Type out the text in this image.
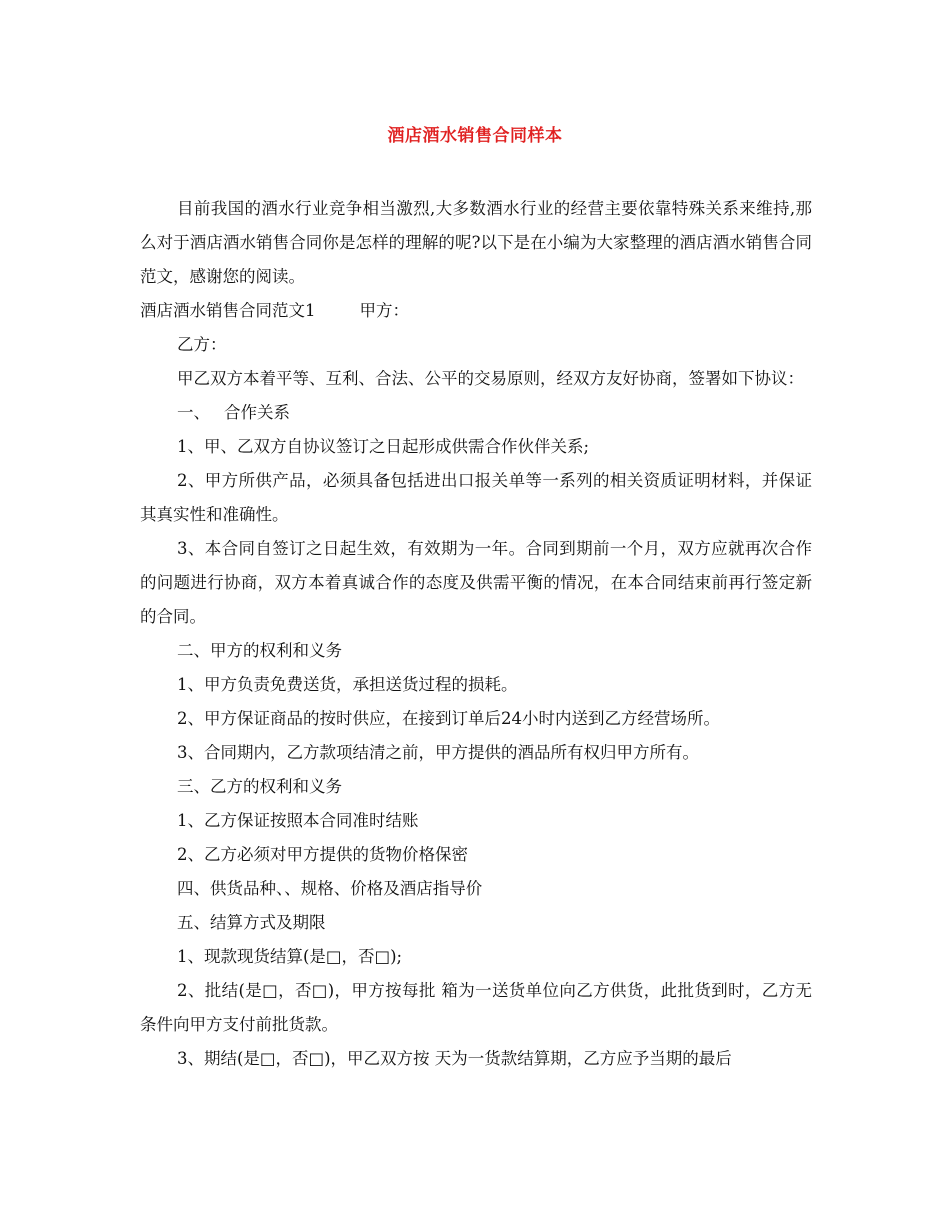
酒店酒水销售合同样本

目前我国的酒水行业竞争相当激烈,大多数酒水行业的经营主要依靠特殊关系来维持,那么对于酒店酒水销售合同你是怎样的理解的呢?以下是在小编为大家整理的酒店酒水销售合同范文，感谢您的阅读。

酒店酒水销售合同范文1	甲方：

乙方：

甲乙双方本着平等、互利、合法、公平的交易原则，经双方友好协商，签署如下协议：

一、 合作关系

1、甲、乙双方自协议签订之日起形成供需合作伙伴关系;

2、甲方所供产品，必须具备包括进出口报关单等一系列的相关资质证明材料，并保证其真实性和准确性。

3、本合同自签订之日起生效，有效期为一年。合同到期前一个月，双方应就再次合作的问题进行协商，双方本着真诚合作的态度及供需平衡的情况，在本合同结束前再行签定新的合同。

二、甲方的权利和义务

1、甲方负责免费送货，承担送货过程的损耗。

2、甲方保证商品的按时供应，在接到订单后24小时内送到乙方经营场所。

3、合同期内，乙方款项结清之前，甲方提供的酒品所有权归甲方所有。

三、乙方的权利和义务

1、乙方保证按照本合同准时结账

2、乙方必须对甲方提供的货物价格保密

四、供货品种、、规格、价格及酒店指导价

五、结算方式及期限

1、现款现货结算(是□，否□);

2、批结(是□，否□)，甲方按每批 箱为一送货单位向乙方供货，此批货到时，乙方无条件向甲方支付前批货款。

3、期结(是□，否□)，甲乙双方按 天为一货款结算期，乙方应予当期的最后
